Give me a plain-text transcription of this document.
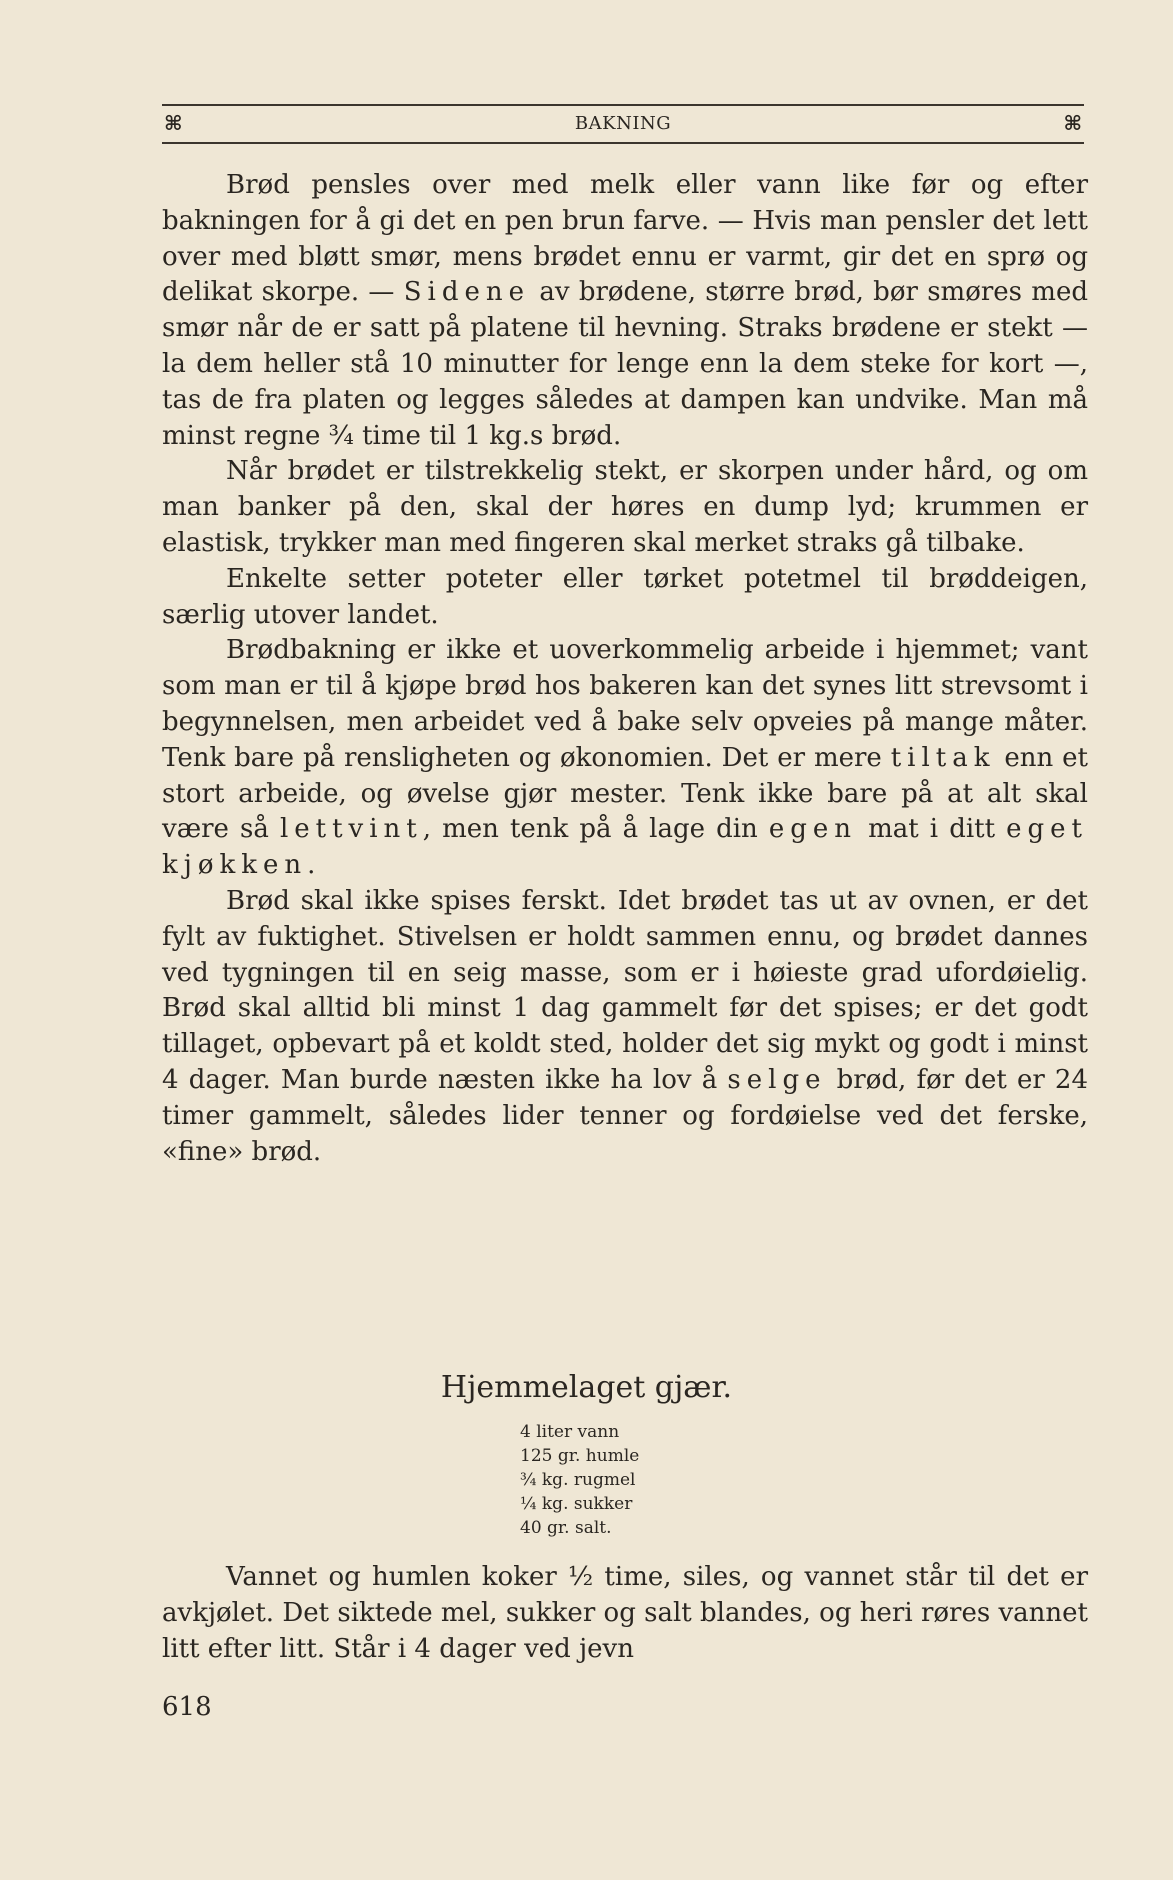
⌘	BAKNING	⌘

Brød pensles over med melk eller vann like før og efter bakningen for å gi det en pen brun farve. — Hvis man pensler det lett over med bløtt smør, mens brødet ennu er varmt, gir det en sprø og delikat skorpe. — Sidene av brødene, større brød, bør smøres med smør når de er satt på platene til hevning. Straks brødene er stekt — la dem heller stå 10 minutter for lenge enn la dem steke for kort —, tas de fra platen og legges således at dampen kan undvike. Man må minst regne ¾ time til 1 kg.s brød.

Når brødet er tilstrekkelig stekt, er skorpen under hård, og om man banker på den, skal der høres en dump lyd; krummen er elastisk, trykker man med fingeren skal merket straks gå tilbake.

Enkelte setter poteter eller tørket potetmel til brøddeigen, særlig utover landet.

Brødbakning er ikke et uoverkommelig arbeide i hjemmet; vant som man er til å kjøpe brød hos bakeren kan det synes litt strevsomt i begynnelsen, men arbeidet ved å bake selv opveies på mange måter. Tenk bare på rensligheten og økonomien. Det er mere tiltak enn et stort arbeide, og øvelse gjør mester. Tenk ikke bare på at alt skal være så lettvint, men tenk på å lage din egen mat i ditt eget kjøkken.

Brød skal ikke spises ferskt. Idet brødet tas ut av ovnen, er det fylt av fuktighet. Stivelsen er holdt sammen ennu, og brødet dannes ved tygningen til en seig masse, som er i høieste grad ufordøielig. Brød skal alltid bli minst 1 dag gammelt før det spises; er det godt tillaget, opbevart på et koldt sted, holder det sig mykt og godt i minst 4 dager. Man burde næsten ikke ha lov å selge brød, før det er 24 timer gammelt, således lider tenner og fordøielse ved det ferske, «fine» brød.

Hjemmelaget gjær.
4 liter vann
125 gr. humle
¾ kg. rugmel
¼ kg. sukker
40 gr. salt.

Vannet og humlen koker ½ time, siles, og vannet står til det er avkjølet. Det siktede mel, sukker og salt blandes, og heri røres vannet litt efter litt. Står i 4 dager ved jevn

618
